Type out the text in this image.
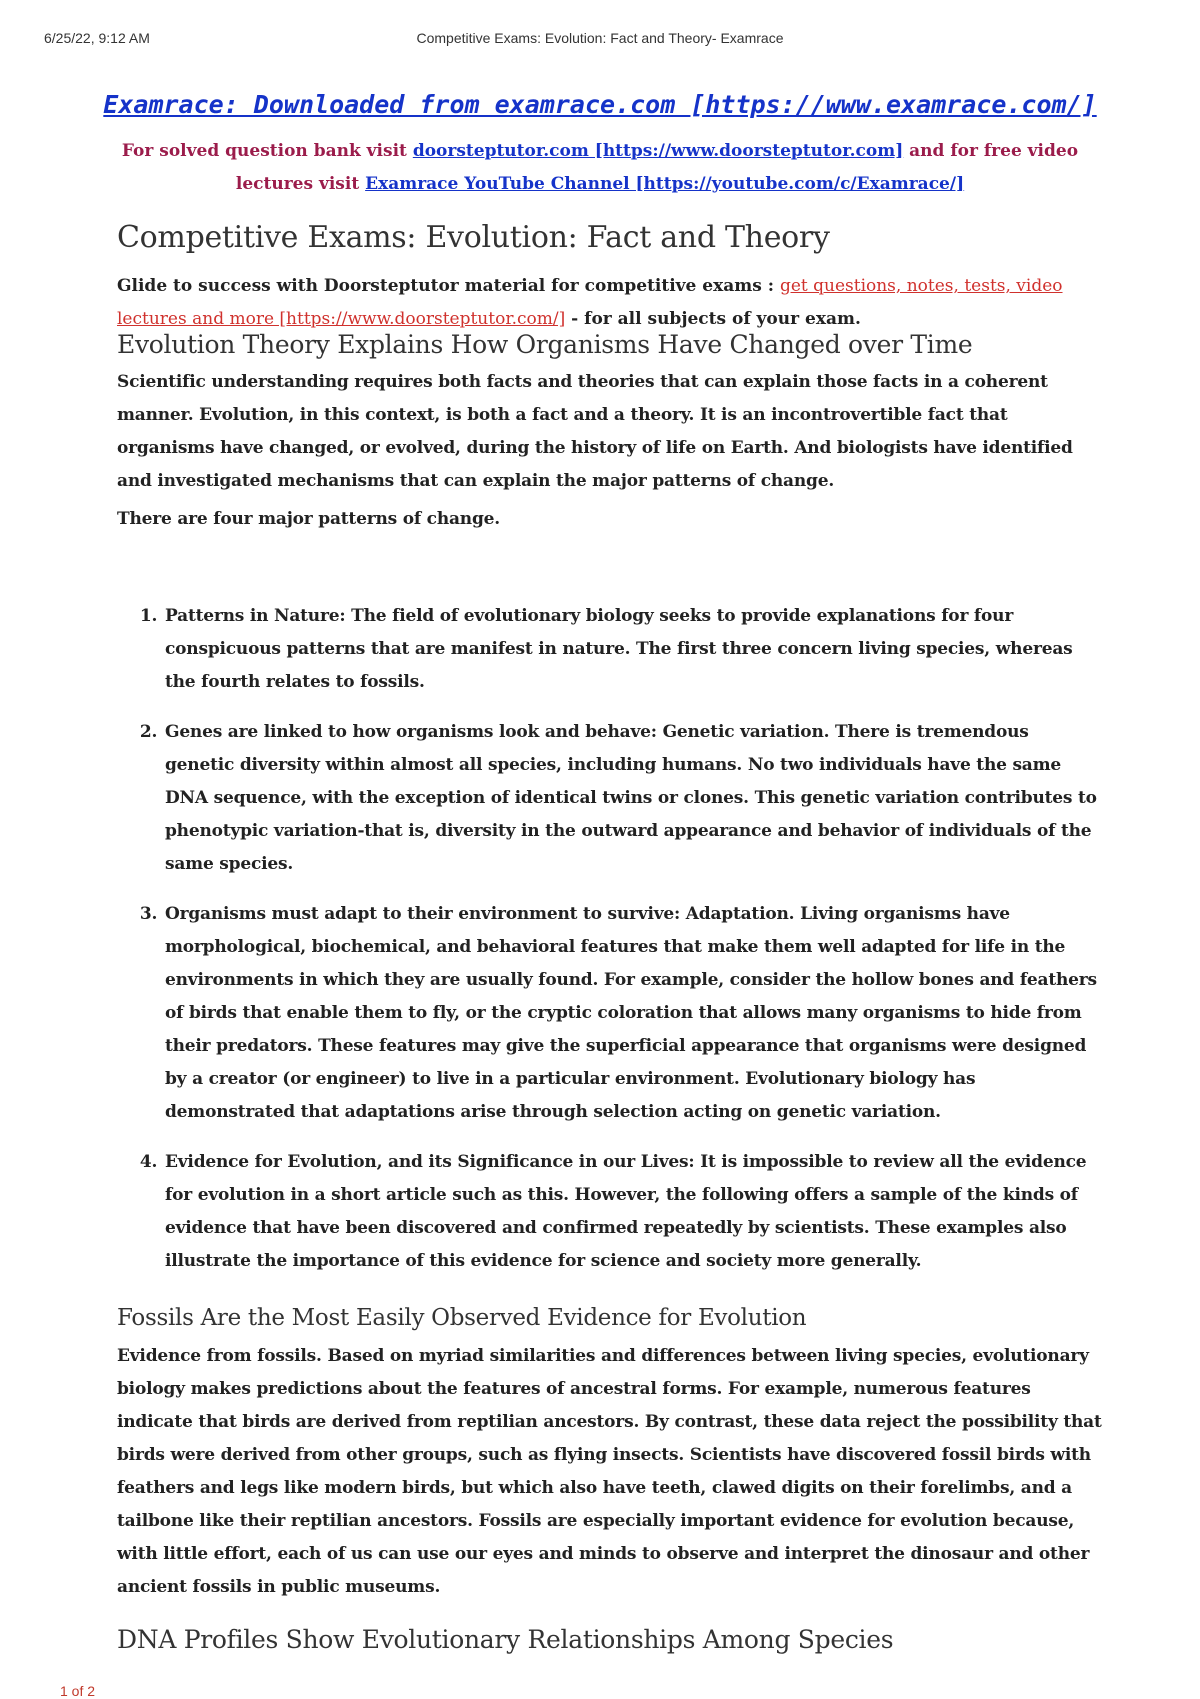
6/25/22, 9:12 AM	Competitive Exams: Evolution: Fact and Theory- Examrace
Examrace: Downloaded from examrace.com [https://www.examrace.com/]
For solved question bank visit doorsteptutor.com [https://www.doorsteptutor.com] and for free video lectures visit Examrace YouTube Channel [https://youtube.com/c/Examrace/]
Competitive Exams: Evolution: Fact and Theory
Glide to success with Doorsteptutor material for competitive exams : get questions, notes, tests, video lectures and more [https://www.doorsteptutor.com/] - for all subjects of your exam.
Evolution Theory Explains How Organisms Have Changed over Time

Scientific understanding requires both facts and theories that can explain those facts in a coherent manner. Evolution, in this context, is both a fact and a theory. It is an incontrovertible fact that organisms have changed, or evolved, during the history of life on Earth. And biologists have identified and investigated mechanisms that can explain the major patterns of change.

There are four major patterns of change.

1. Patterns in Nature: The field of evolutionary biology seeks to provide explanations for four conspicuous patterns that are manifest in nature. The first three concern living species, whereas the fourth relates to fossils.
2. Genes are linked to how organisms look and behave: Genetic variation. There is tremendous genetic diversity within almost all species, including humans. No two individuals have the same DNA sequence, with the exception of identical twins or clones. This genetic variation contributes to phenotypic variation-that is, diversity in the outward appearance and behavior of individuals of the same species.
3. Organisms must adapt to their environment to survive: Adaptation. Living organisms have morphological, biochemical, and behavioral features that make them well adapted for life in the environments in which they are usually found. For example, consider the hollow bones and feathers of birds that enable them to fly, or the cryptic coloration that allows many organisms to hide from their predators. These features may give the superficial appearance that organisms were designed by a creator (or engineer) to live in a particular environment. Evolutionary biology has demonstrated that adaptations arise through selection acting on genetic variation.
4. Evidence for Evolution, and its Significance in our Lives: It is impossible to review all the evidence for evolution in a short article such as this. However, the following offers a sample of the kinds of evidence that have been discovered and confirmed repeatedly by scientists. These examples also illustrate the importance of this evidence for science and society more generally.
Fossils Are the Most Easily Observed Evidence for Evolution

Evidence from fossils. Based on myriad similarities and differences between living species, evolutionary biology makes predictions about the features of ancestral forms. For example, numerous features indicate that birds are derived from reptilian ancestors. By contrast, these data reject the possibility that birds were derived from other groups, such as flying insects. Scientists have discovered fossil birds with feathers and legs like modern birds, but which also have teeth, clawed digits on their forelimbs, and a tailbone like their reptilian ancestors. Fossils are especially important evidence for evolution because, with little effort, each of us can use our eyes and minds to observe and interpret the dinosaur and other ancient fossils in public museums.

DNA Profiles Show Evolutionary Relationships Among Species
1 of 2
